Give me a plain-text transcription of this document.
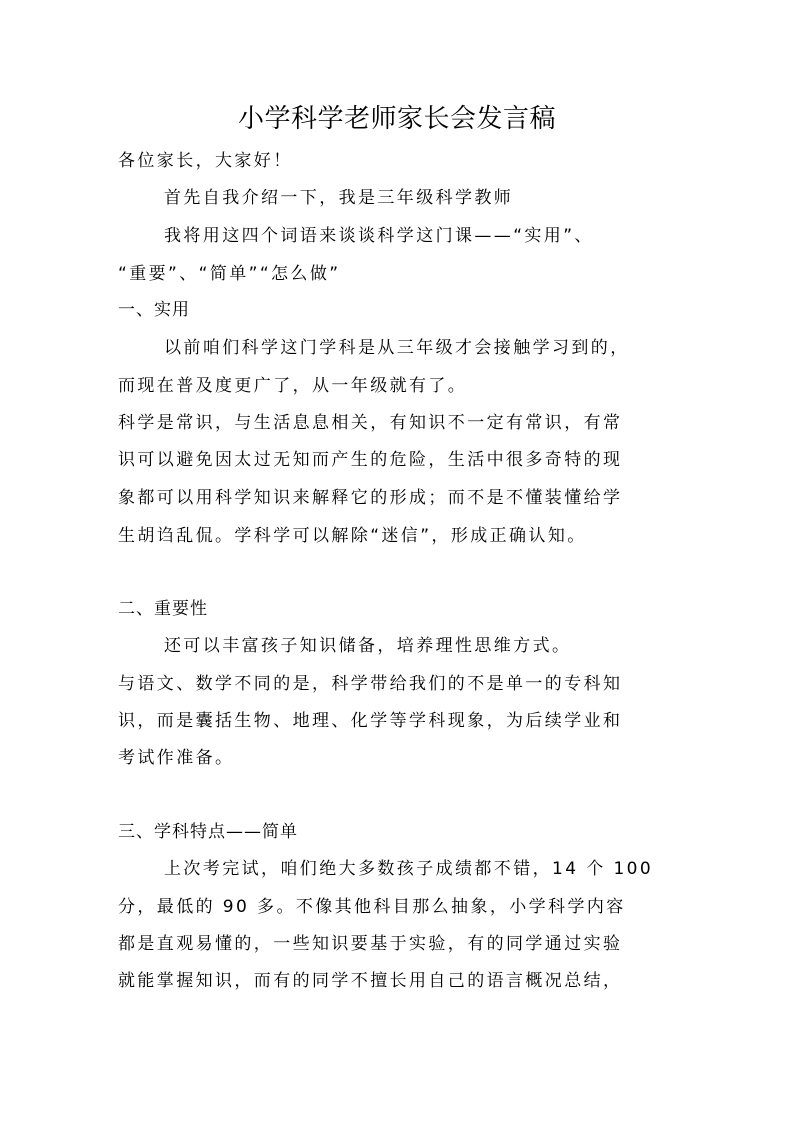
小学科学老师家长会发言稿
各位家长，大家好！
首先自我介绍一下，我是三年级科学教师
我将用这四个词语来谈谈科学这门课——“实用”、
“重要”、“简单”“怎么做”
一、实用
以前咱们科学这门学科是从三年级才会接触学习到的，
而现在普及度更广了，从一年级就有了。
科学是常识，与生活息息相关，有知识不一定有常识，有常
识可以避免因太过无知而产生的危险，生活中很多奇特的现
象都可以用科学知识来解释它的形成；而不是不懂装懂给学
生胡诌乱侃。学科学可以解除“迷信”，形成正确认知。
二、重要性
还可以丰富孩子知识储备，培养理性思维方式。
与语文、数学不同的是，科学带给我们的不是单一的专科知
识，而是囊括生物、地理、化学等学科现象，为后续学业和
考试作准备。
三、学科特点——简单
上次考完试，咱们绝大多数孩子成绩都不错，14 个 100
分，最低的 90 多。不像其他科目那么抽象，小学科学内容
都是直观易懂的，一些知识要基于实验，有的同学通过实验
就能掌握知识，而有的同学不擅长用自己的语言概况总结，
